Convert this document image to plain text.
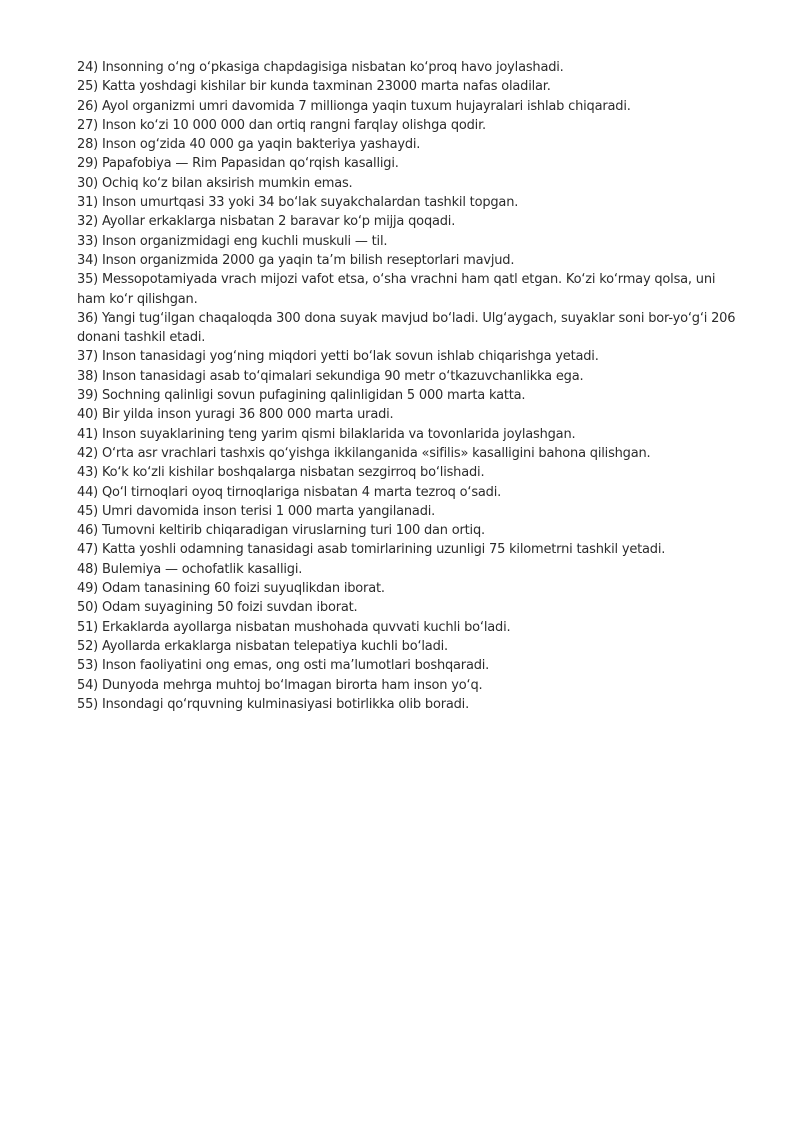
24) Insonning o‘ng o‘pkasiga chapdagisiga nisbatan ko‘proq havo joylashadi.
25) Katta yoshdagi kishilar bir kunda taxminan 23000 marta nafas oladilar.
26) Ayol organizmi umri davomida 7 millionga yaqin tuxum hujayralari ishlab chiqaradi.
27) Inson ko‘zi 10 000 000 dan ortiq rangni farqlay olishga qodir.
28) Inson og‘zida 40 000 ga yaqin bakteriya yashaydi.
29) Papafobiya — Rim Papasidan qo‘rqish kasalligi.
30) Ochiq ko‘z bilan aksirish mumkin emas.
31) Inson umurtqasi 33 yoki 34 bo‘lak suyakchalardan tashkil topgan.
32) Ayollar erkaklarga nisbatan 2 baravar ko‘p mijja qoqadi.
33) Inson organizmidagi eng kuchli muskuli — til.
34) Inson organizmida 2000 ga yaqin ta’m bilish reseptorlari mavjud.
35) Messopotamiyada vrach mijozi vafot etsa, o‘sha vrachni ham qatl etgan. Ko‘zi ko‘rmay qolsa, uni ham ko‘r qilishgan.
36) Yangi tug‘ilgan chaqaloqda 300 dona suyak mavjud bo‘ladi. Ulg‘aygach, suyaklar soni bor-yo‘g‘i 206 donani tashkil etadi.
37) Inson tanasidagi yog‘ning miqdori yetti bo‘lak sovun ishlab chiqarishga yetadi.
38) Inson tanasidagi asab to‘qimalari sekundiga 90 metr o‘tkazuvchanlikka ega.
39) Sochning qalinligi sovun pufagining qalinligidan 5 000 marta katta.
40) Bir yilda inson yuragi 36 800 000 marta uradi.
41) Inson suyaklarining teng yarim qismi bilaklarida va tovonlarida joylashgan.
42) O‘rta asr vrachlari tashxis qo‘yishga ikkilanganida «sifilis» kasalligini bahona qilishgan.
43) Ko‘k ko‘zli kishilar boshqalarga nisbatan sezgirroq bo‘lishadi.
44) Qo‘l tirnoqlari oyoq tirnoqlariga nisbatan 4 marta tezroq o‘sadi.
45) Umri davomida inson terisi 1 000 marta yangilanadi.
46) Tumovni keltirib chiqaradigan viruslarning turi 100 dan ortiq.
47) Katta yoshli odamning tanasidagi asab tomirlarining uzunligi 75 kilometrni tashkil yetadi.
48) Bulemiya — ochofatlik kasalligi.
49) Odam tanasining 60 foizi suyuqlikdan iborat.
50) Odam suyagining 50 foizi suvdan iborat.
51) Erkaklarda ayollarga nisbatan mushohada quvvati kuchli bo‘ladi.
52) Ayollarda erkaklarga nisbatan telepatiya kuchli bo‘ladi.
53) Inson faoliyatini ong emas, ong osti ma’lumotlari boshqaradi.
54) Dunyoda mehrga muhtoj bo‘lmagan birorta ham inson yo‘q.
55) Insondagi qo‘rquvning kulminasiyasi botirlikka olib boradi.
